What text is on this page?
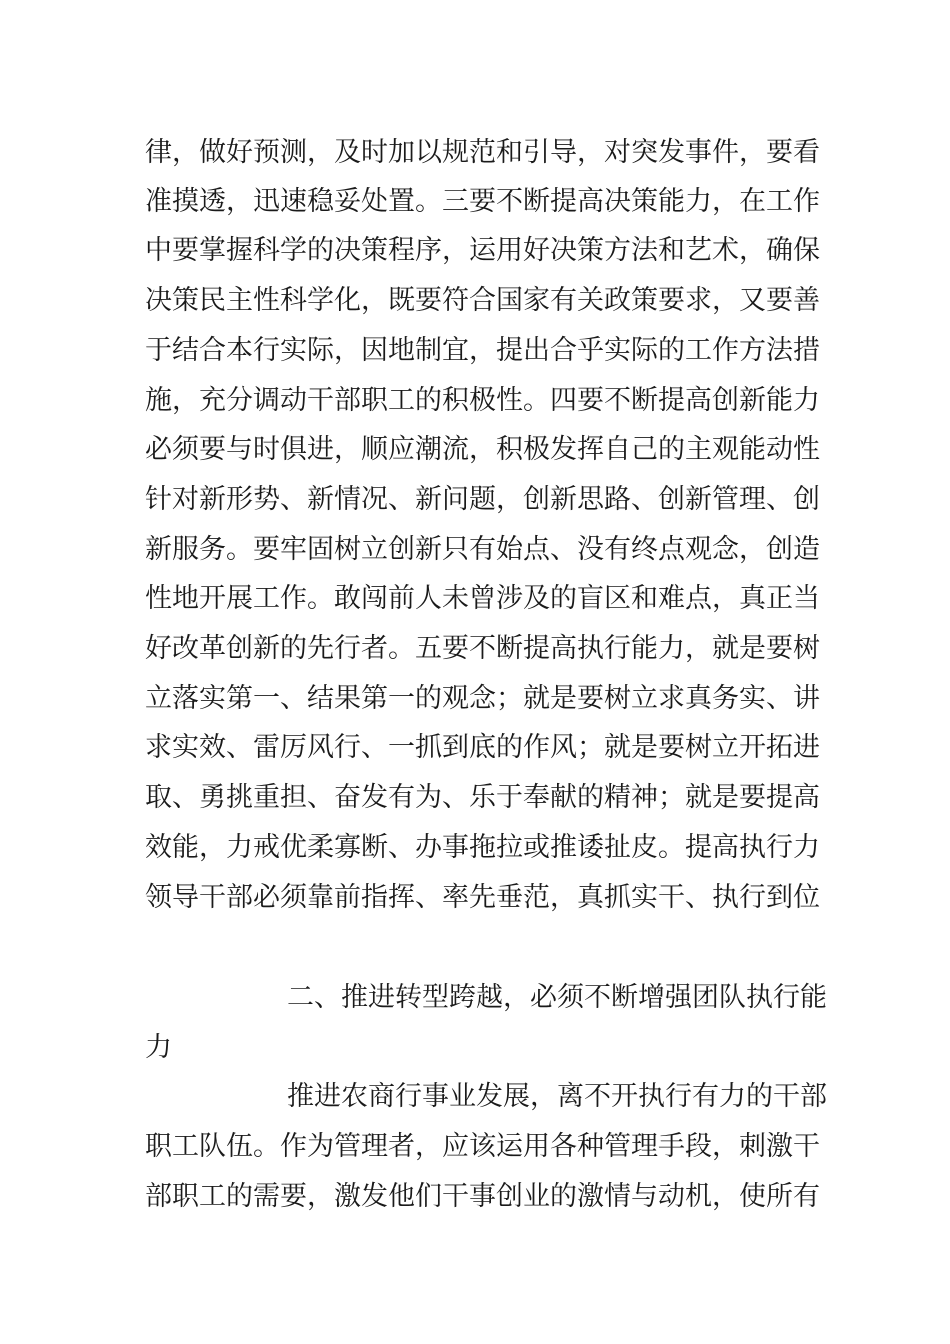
律，做好预测，及时加以规范和引导，对突发事件，要看
准摸透，迅速稳妥处置。三要不断提高决策能力，在工作
中要掌握科学的决策程序，运用好决策方法和艺术，确保
决策民主性科学化，既要符合国家有关政策要求，又要善
于结合本行实际，因地制宜，提出合乎实际的工作方法措
施，充分调动干部职工的积极性。四要不断提高创新能力
必须要与时俱进，顺应潮流，积极发挥自己的主观能动性
针对新形势、新情况、新问题，创新思路、创新管理、创
新服务。要牢固树立创新只有始点、没有终点观念，创造
性地开展工作。敢闯前人未曾涉及的盲区和难点，真正当
好改革创新的先行者。五要不断提高执行能力，就是要树
立落实第一、结果第一的观念；就是要树立求真务实、讲
求实效、雷厉风行、一抓到底的作风；就是要树立开拓进
取、勇挑重担、奋发有为、乐于奉献的精神；就是要提高
效能，力戒优柔寡断、办事拖拉或推诿扯皮。提高执行力
领导干部必须靠前指挥、率先垂范，真抓实干、执行到位
二、推进转型跨越，必须不断增强团队执行能
力
推进农商行事业发展，离不开执行有力的干部
职工队伍。作为管理者，应该运用各种管理手段，刺激干
部职工的需要，激发他们干事创业的激情与动机，使所有
